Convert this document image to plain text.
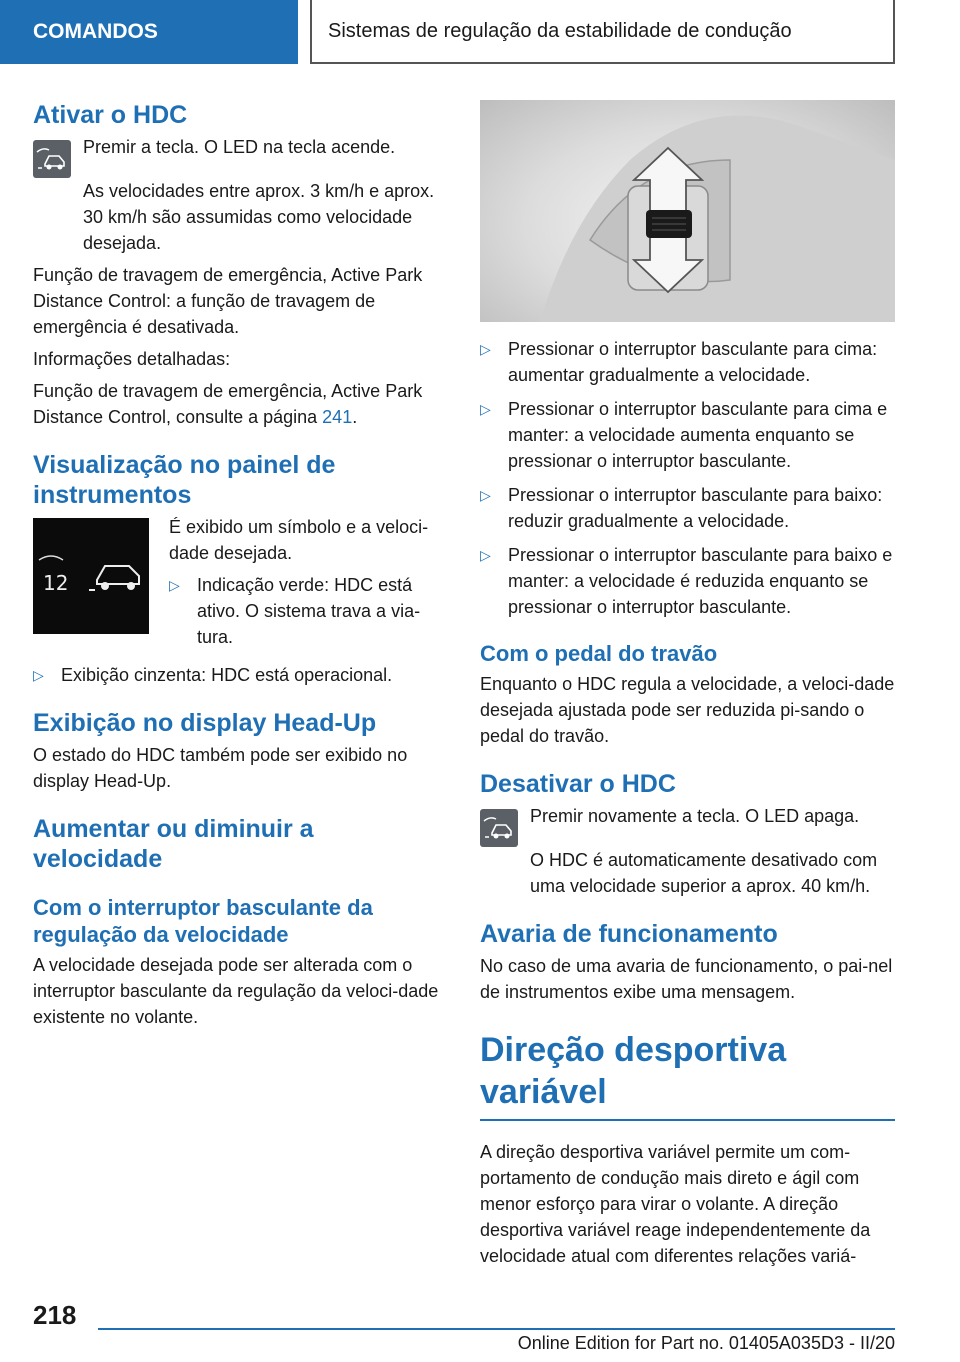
COMANDOS	Sistemas de regulação da estabilidade de condução
Ativar o HDC

Premir a tecla. O LED na tecla acende.

As velocidades entre aprox. 3 km/h e aprox. 30 km/h são assumidas como velocidade desejada.

Função de travagem de emergência, Active Park Distance Control: a função de travagem de emergência é desativada.

Informações detalhadas:

Função de travagem de emergência, Active Park Distance Control, consulte a página 241.

Visualização no painel de instrumentos
12

É exibido um símbolo e a veloci-dade desejada.

▷ Indicação verde: HDC está ativo. O sistema trava a via-tura.
▷ Exibição cinzenta: HDC está operacional.
Exibição no display Head-Up

O estado do HDC também pode ser exibido no display Head-Up.

Aumentar ou diminuir a velocidade
Com o interruptor basculante da regulação da velocidade

A velocidade desejada pode ser alterada com o interruptor basculante da regulação da veloci-dade existente no volante.

▷ Pressionar o interruptor basculante para cima: aumentar gradualmente a velocidade.
▷ Pressionar o interruptor basculante para cima e manter: a velocidade aumenta enquanto se pressionar o interruptor basculante.
▷ Pressionar o interruptor basculante para baixo: reduzir gradualmente a velocidade.
▷ Pressionar o interruptor basculante para baixo e manter: a velocidade é reduzida enquanto se pressionar o interruptor basculante.
Com o pedal do travão

Enquanto o HDC regula a velocidade, a veloci-dade desejada ajustada pode ser reduzida pi-sando o pedal do travão.

Desativar o HDC

Premir novamente a tecla. O LED apaga.

O HDC é automaticamente desativado com uma velocidade superior a aprox. 40 km/h.

Avaria de funcionamento

No caso de uma avaria de funcionamento, o pai-nel de instrumentos exibe uma mensagem.

Direção desportiva variável

A direção desportiva variável permite um com-portamento de condução mais direto e ágil com menor esforço para virar o volante. A direção desportiva variável reage independentemente da velocidade atual com diferentes relações variá-

218
Online Edition for Part no. 01405A035D3 - II/20
